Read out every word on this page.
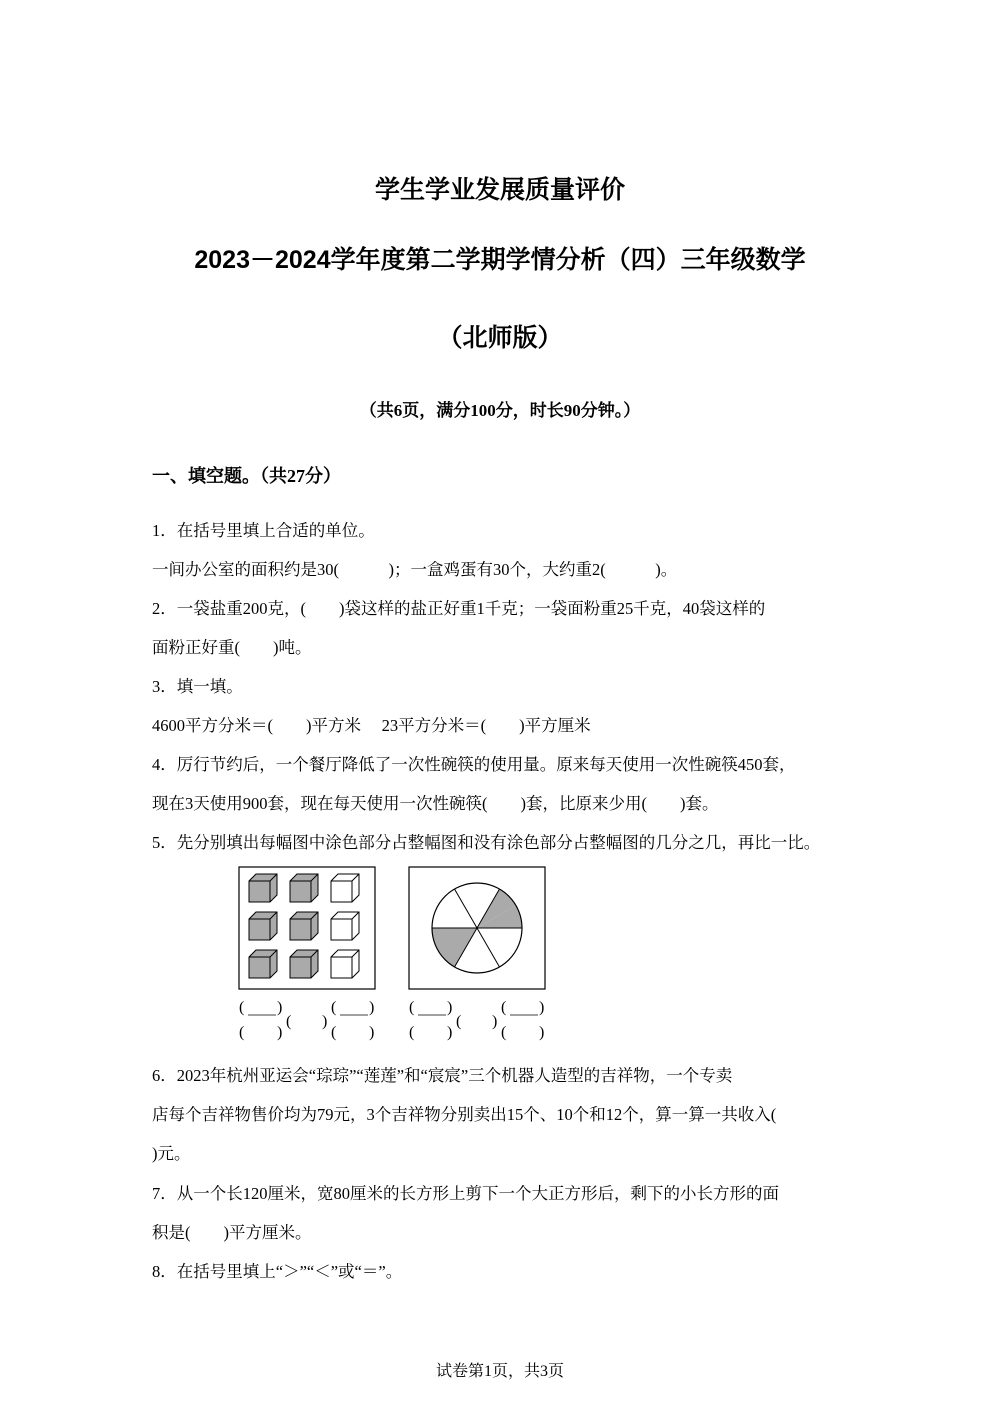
学生学业发展质量评价
2023－2024学年度第二学期学情分析（四）三年级数学
（北师版）
（共6页，满分100分，时长90分钟。）
一、填空题。（共27分）
1．在括号里填上合适的单位。
一间办公室的面积约是30(　　　)；一盒鸡蛋有30个，大约重2(　　　)。
2．一袋盐重200克，(　　)袋这样的盐正好重1千克；一袋面粉重25千克，40袋这样的
面粉正好重(　　)吨。
3．填一填。
4600平方分米＝(　　)平方米　 23平方分米＝(　　)平方厘米
4．厉行节约后，一个餐厅降低了一次性碗筷的使用量。原来每天使用一次性碗筷450套，
现在3天使用900套，现在每天使用一次性碗筷(　　)套，比原来少用(　　)套。
5．先分别填出每幅图中涂色部分占整幅图和没有涂色部分占整幅图的几分之几，再比一比。
( )
( )
( )
( )
( )
( )
( )
( )
( )
( )
6．2023年杭州亚运会“琮琮”“莲莲”和“宸宸”三个机器人造型的吉祥物，一个专卖
店每个吉祥物售价均为79元，3个吉祥物分别卖出15个、10个和12个，算一算一共收入(
)元。
7．从一个长120厘米，宽80厘米的长方形上剪下一个大正方形后，剩下的小长方形的面
积是(　　)平方厘米。
8．在括号里填上“＞”“＜”或“＝”。
试卷第1页，共3页
